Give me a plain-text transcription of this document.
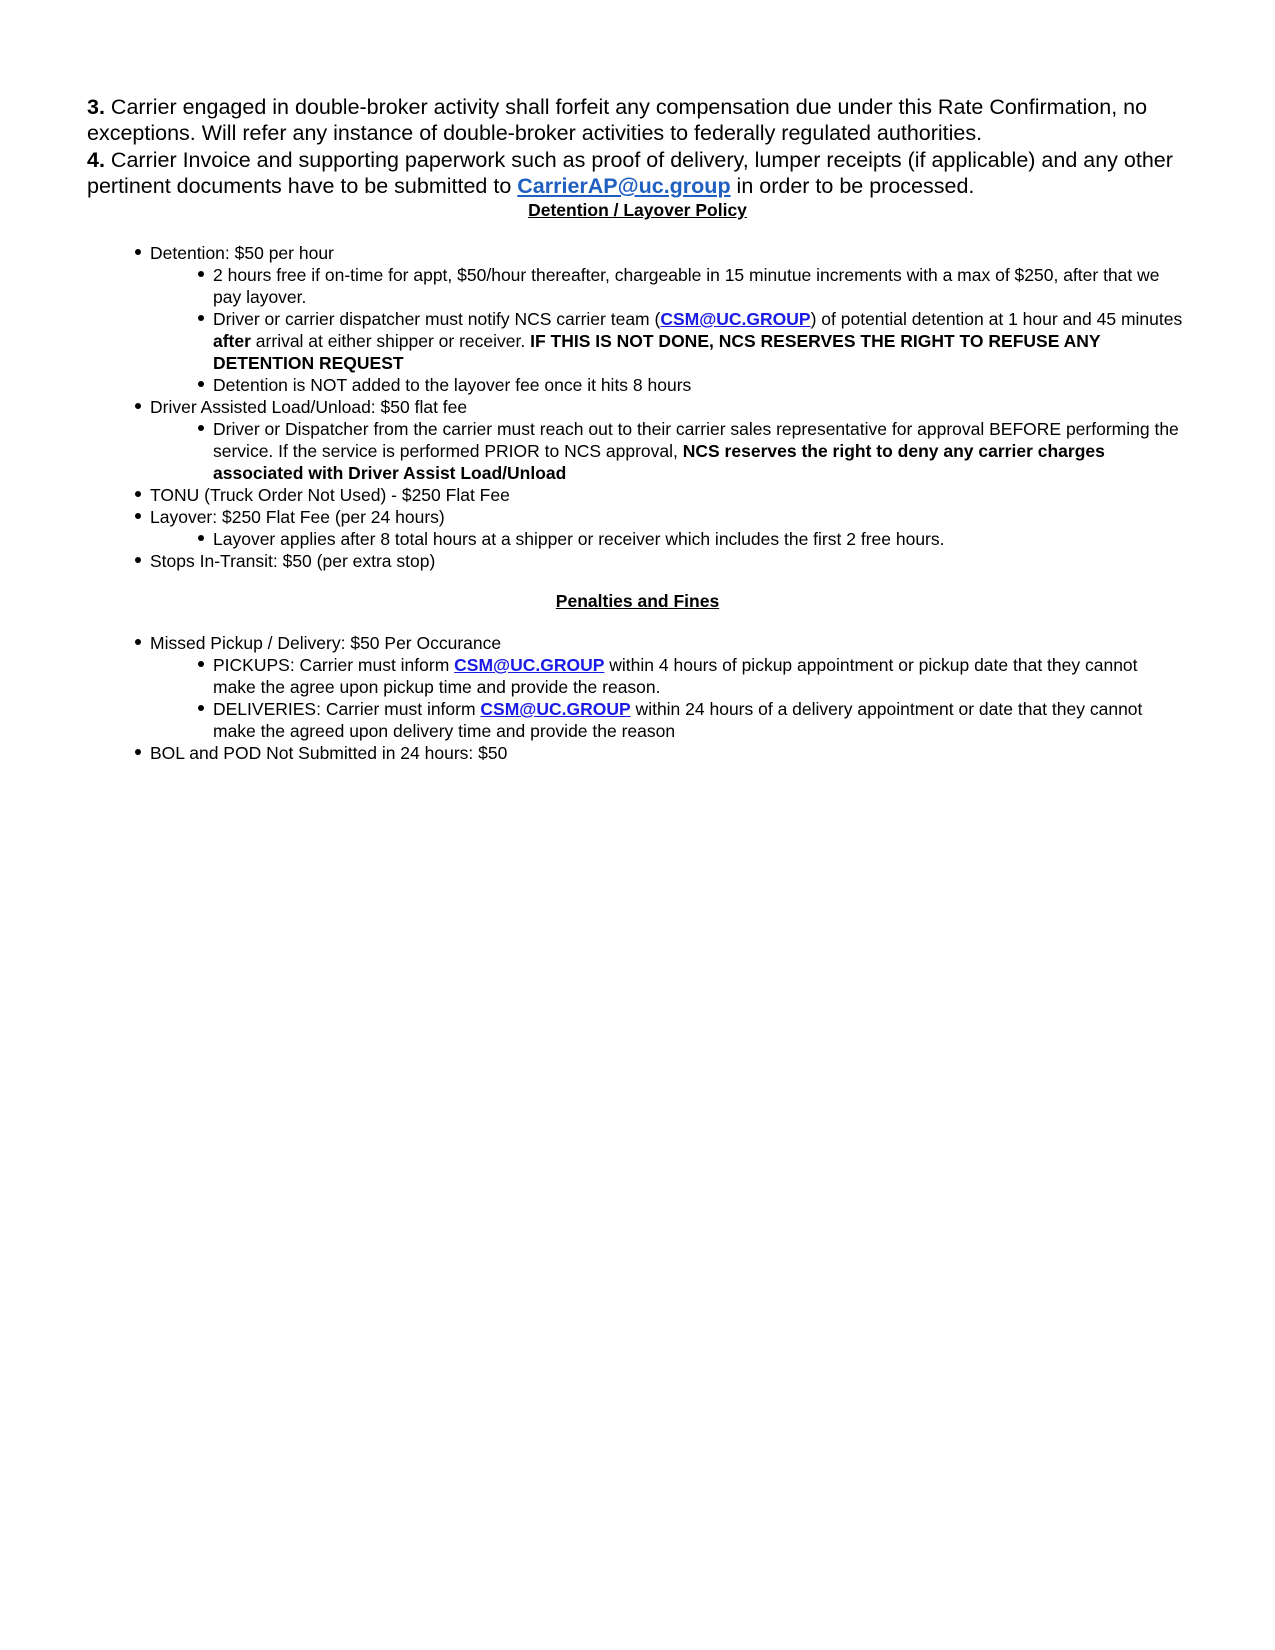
3. Carrier engaged in double-broker activity shall forfeit any compensation due under this Rate Confirmation, no exceptions. Will refer any instance of double-broker activities to federally regulated authorities.

4. Carrier Invoice and supporting paperwork such as proof of delivery, lumper receipts (if applicable) and any other pertinent documents have to be submitted to CarrierAP@uc.group in order to be processed.

Detention / Layover Policy
Detention: $50 per hour
2 hours free if on-time for appt, $50/hour thereafter, chargeable in 15 minutue increments with a max of $250, after that we pay layover.
Driver or carrier dispatcher must notify NCS carrier team (CSM@UC.GROUP) of potential detention at 1 hour and 45 minutes after arrival at either shipper or receiver. IF THIS IS NOT DONE, NCS RESERVES THE RIGHT TO REFUSE ANY DETENTION REQUEST
Detention is NOT added to the layover fee once it hits 8 hours
Driver Assisted Load/Unload: $50 flat fee
Driver or Dispatcher from the carrier must reach out to their carrier sales representative for approval BEFORE performing the service. If the service is performed PRIOR to NCS approval, NCS reserves the right to deny any carrier charges associated with Driver Assist Load/Unload
TONU (Truck Order Not Used) - $250 Flat Fee
Layover: $250 Flat Fee (per 24 hours)
Layover applies after 8 total hours at a shipper or receiver which includes the first 2 free hours.
Stops In-Transit: $50 (per extra stop)
Penalties and Fines
Missed Pickup / Delivery: $50 Per Occurance
PICKUPS: Carrier must inform CSM@UC.GROUP within 4 hours of pickup appointment or pickup date that they cannot make the agree upon pickup time and provide the reason.
DELIVERIES: Carrier must inform CSM@UC.GROUP within 24 hours of a delivery appointment or date that they cannot make the agreed upon delivery time and provide the reason
BOL and POD Not Submitted in 24 hours: $50
